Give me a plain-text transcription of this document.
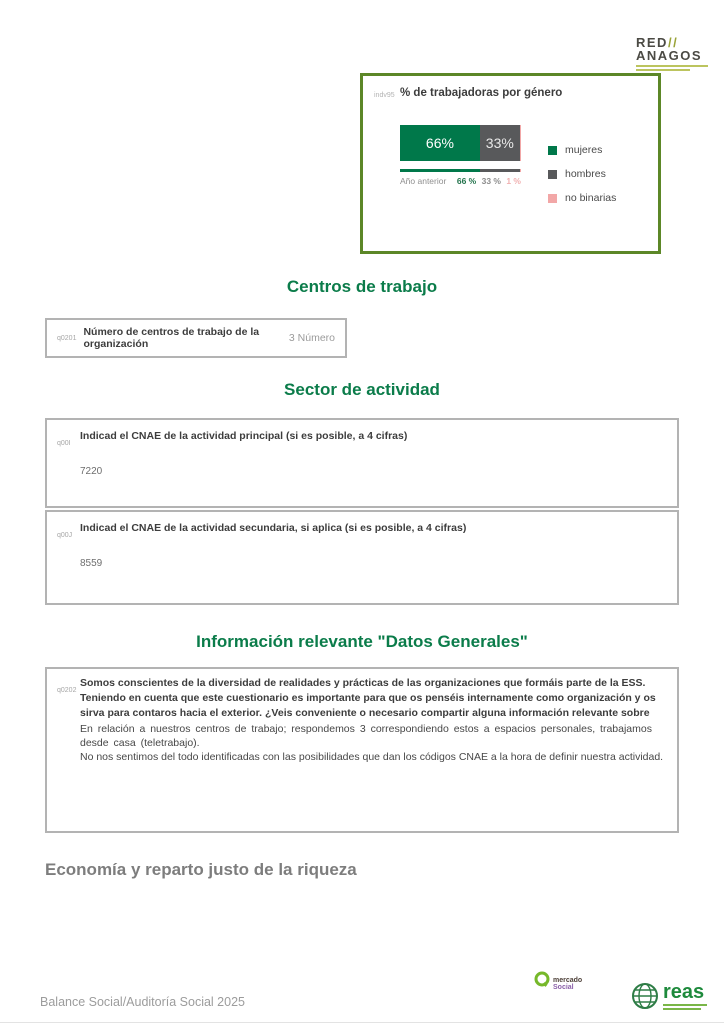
RED//
ANAGOS
indv95 % de trabajadoras por género
66% 33%
Año anterior	66 % 33 % 1 %
mujeres
hombres
no binarias
Centros de trabajo
q0201 Número de centros de trabajo de la organización	3 Número
Sector de actividad
q00I
Indicad el CNAE de la actividad principal (si es posible, a 4 cifras)
7220
q00J
Indicad el CNAE de la actividad secundaria, si aplica (si es posible, a 4 cifras)
8559
Información relevante "Datos Generales"
q0202
Somos conscientes de la diversidad de realidades y prácticas de las organizaciones que formáis parte de la ESS. Teniendo en cuenta que este cuestionario es importante para que os penséis internamente como organización y os sirva para contaros hacia el exterior. ¿Veis conveniente o necesario compartir alguna información relevante sobre
En relación a nuestros centros de trabajo; respondemos 3 correspondiendo estos a espacios personales, trabajamos desde casa (teletrabajo).
No nos sentimos del todo identificadas con las posibilidades que dan los códigos CNAE a la hora de definir nuestra actividad.
Economía y reparto justo de la riqueza
Balance Social/Auditoría Social 2025
mercado
Social	reas
